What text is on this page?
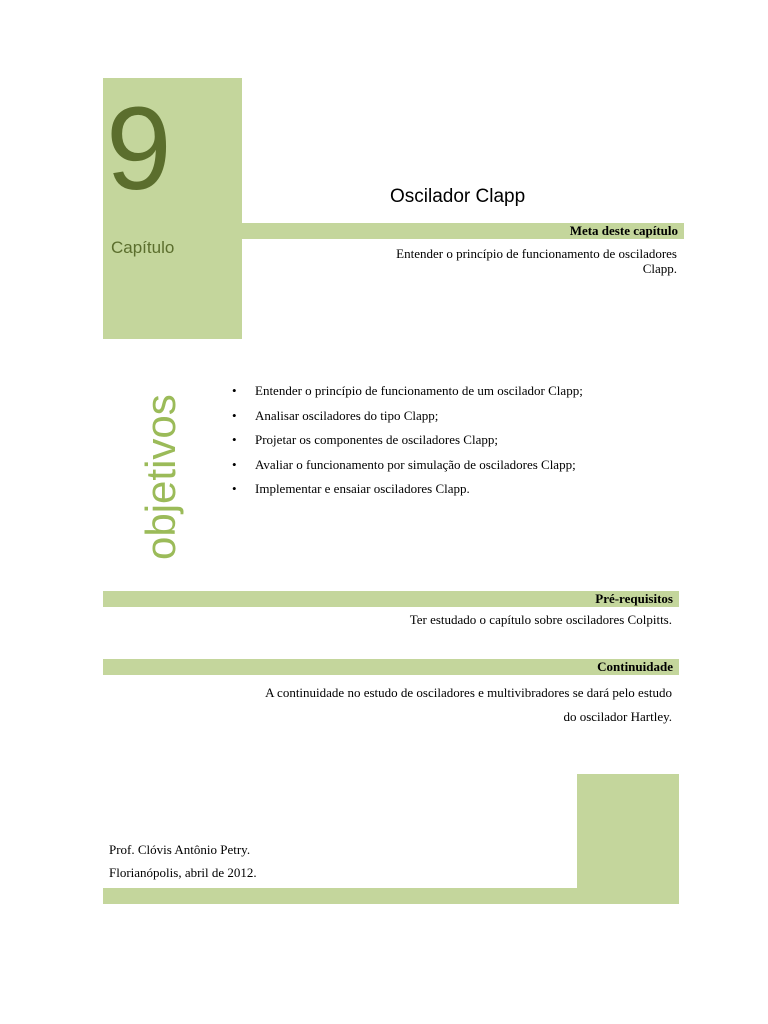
9
Capítulo
Oscilador Clapp
Meta deste capítulo
Entender o princípio de funcionamento de osciladores
Clapp.
objetivos
• Entender o princípio de funcionamento de um oscilador Clapp;
• Analisar osciladores do tipo Clapp;
• Projetar os componentes de osciladores Clapp;
• Avaliar o funcionamento por simulação de osciladores Clapp;
• Implementar e ensaiar osciladores Clapp.
Pré-requisitos
Ter estudado o capítulo sobre osciladores Colpitts.
Continuidade
A continuidade no estudo de osciladores e multivibradores se dará pelo estudo
do oscilador Hartley.
Prof. Clóvis Antônio Petry.
Florianópolis, abril de 2012.
